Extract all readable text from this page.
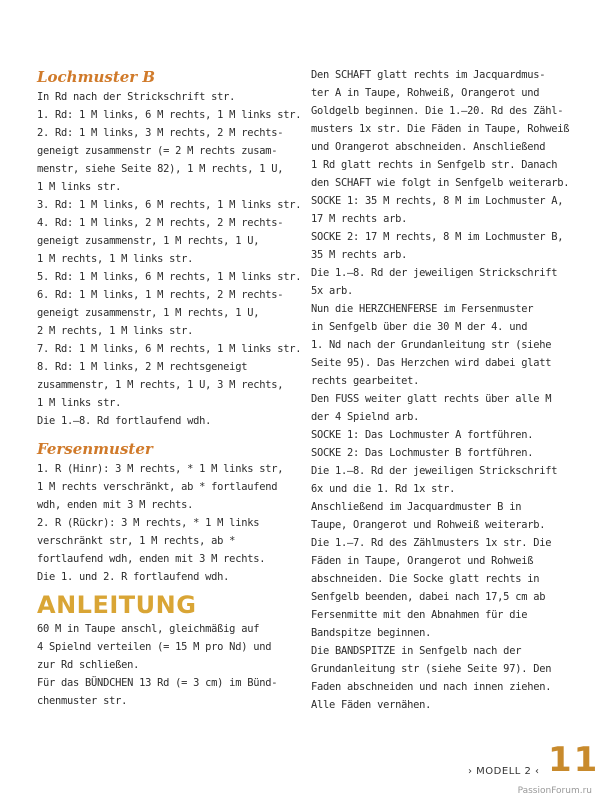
Lochmuster B
In Rd nach der Strickschrift str.
1. Rd: 1 M links, 6 M rechts, 1 M links str.
2. Rd: 1 M links, 3 M rechts, 2 M rechts-
geneigt zusammenstr (= 2 M rechts zusam-
menstr, siehe Seite 82), 1 M rechts, 1 U,
1 M links str.
3. Rd: 1 M links, 6 M rechts, 1 M links str.
4. Rd: 1 M links, 2 M rechts, 2 M rechts-
geneigt zusammenstr, 1 M rechts, 1 U,
1 M rechts, 1 M links str.
5. Rd: 1 M links, 6 M rechts, 1 M links str.
6. Rd: 1 M links, 1 M rechts, 2 M rechts-
geneigt zusammenstr, 1 M rechts, 1 U,
2 M rechts, 1 M links str.
7. Rd: 1 M links, 6 M rechts, 1 M links str.
8. Rd: 1 M links, 2 M rechtsgeneigt
zusammenstr, 1 M rechts, 1 U, 3 M rechts,
1 M links str.
Die 1.–8. Rd fortlaufend wdh.
Fersenmuster
1. R (Hinr): 3 M rechts, * 1 M links str,
1 M rechts verschränkt, ab * fortlaufend
wdh, enden mit 3 M rechts.
2. R (Rückr): 3 M rechts, * 1 M links
verschränkt str, 1 M rechts, ab *
fortlaufend wdh, enden mit 3 M rechts.
Die 1. und 2. R fortlaufend wdh.
ANLEITUNG
60 M in Taupe anschl, gleichmäßig auf
4 Spielnd verteilen (= 15 M pro Nd) und
zur Rd schließen.
Für das BÜNDCHEN 13 Rd (= 3 cm) im Bünd-
chenmuster str.
Den SCHAFT glatt rechts im Jacquardmus-
ter A in Taupe, Rohweiß, Orangerot und
Goldgelb beginnen. Die 1.–20. Rd des Zähl-
musters 1x str. Die Fäden in Taupe, Rohweiß
und Orangerot abschneiden. Anschließend
1 Rd glatt rechts in Senfgelb str. Danach
den SCHAFT wie folgt in Senfgelb weiterarb.
SOCKE 1: 35 M rechts, 8 M im Lochmuster A,
17 M rechts arb.
SOCKE 2: 17 M rechts, 8 M im Lochmuster B,
35 M rechts arb.
Die 1.–8. Rd der jeweiligen Strickschrift
5x arb.
Nun die HERZCHENFERSE im Fersenmuster
in Senfgelb über die 30 M der 4. und
1. Nd nach der Grundanleitung str (siehe
Seite 95). Das Herzchen wird dabei glatt
rechts gearbeitet.
Den FUSS weiter glatt rechts über alle M
der 4 Spielnd arb.
SOCKE 1: Das Lochmuster A fortführen.
SOCKE 2: Das Lochmuster B fortführen.
Die 1.–8. Rd der jeweiligen Strickschrift
6x und die 1. Rd 1x str.
Anschließend im Jacquardmuster B in
Taupe, Orangerot und Rohweiß weiterarb.
Die 1.–7. Rd des Zählmusters 1x str. Die
Fäden in Taupe, Orangerot und Rohweiß
abschneiden. Die Socke glatt rechts in
Senfgelb beenden, dabei nach 17,5 cm ab
Fersenmitte mit den Abnahmen für die
Bandspitze beginnen.
Die BANDSPITZE in Senfgelb nach der
Grundanleitung str (siehe Seite 97). Den
Faden abschneiden und nach innen ziehen.
Alle Fäden vernähen.
› MODELL 2 ‹ 11
PassionForum.ru
